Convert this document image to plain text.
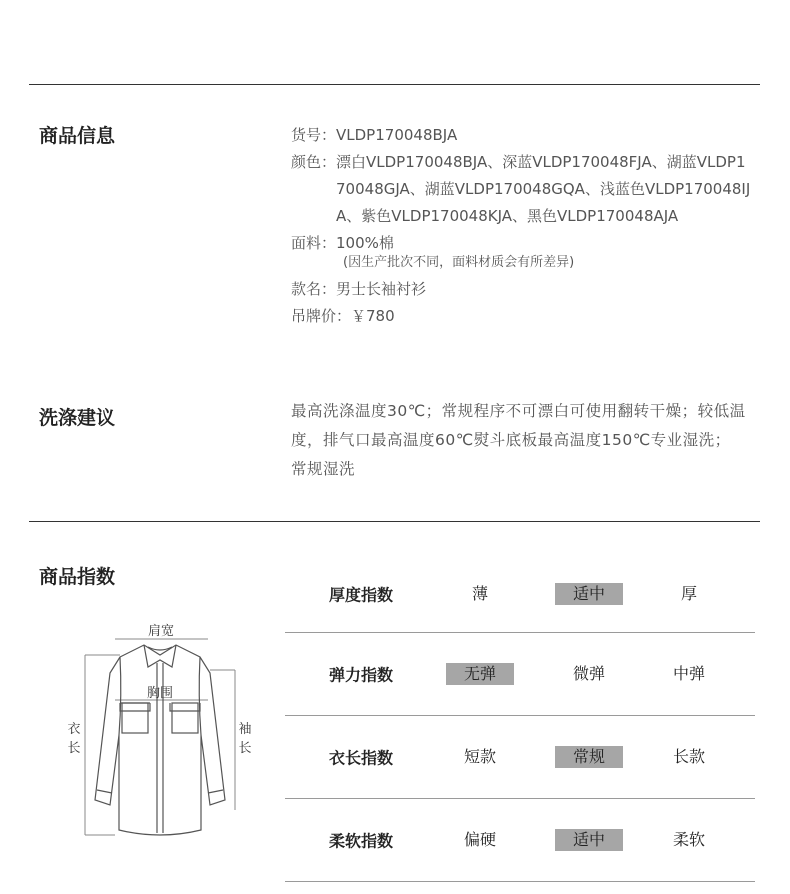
商品信息	货号： VLDP170048BJA
颜色： 漂白VLDP170048BJA、深蓝VLDP170048FJA、湖蓝VLDP170048GJA、湖蓝VLDP170048GQA、浅蓝色VLDP170048IJA、紫色VLDP170048KJA、黑色VLDP170048AJA
面料： 100%棉
(因生产批次不同，面料材质会有所差异)
款名： 男士长袖衬衫
吊牌价： ￥780
洗涤建议	最高洗涤温度30℃；常规程序不可漂白可使用翻转干燥；较低温度，排气口最高温度60℃熨斗底板最高温度150℃专业湿洗；常规湿洗
商品指数
肩宽
胸围
衣
长
袖
长
厚度指数	薄	适中	厚
弹力指数	无弹	微弹	中弹
衣长指数	短款	常规	长款
柔软指数	偏硬	适中	柔软
